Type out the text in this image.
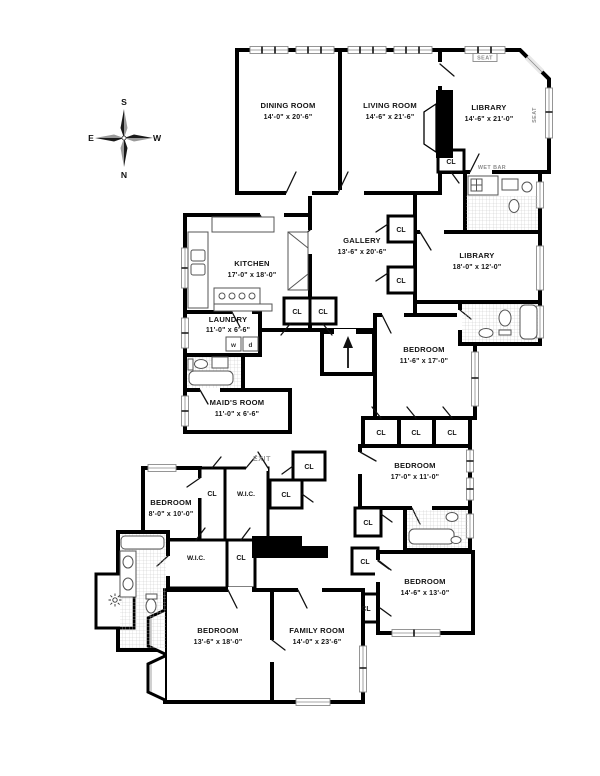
DINING ROOM
14'-0" x 20'-6"
LIVING ROOM
14'-6" x 21'-6"
LIBRARY
14'-6" x 21'-0"
LIBRARY
18'-0" x 12'-0"
GALLERY
13'-6" x 20'-6"
KITCHEN
17'-0" x 18'-0"
LAUNDRY
11'-0" x 6'-6"
MAID'S ROOM
11'-0" x 6'-6"
BEDROOM
11'-6" x 17'-0"
BEDROOM
17'-0" x 11'-0"
BEDROOM
14'-6" x 13'-0"
BEDROOM
8'-0" x 10'-0"
BEDROOM
13'-6" x 18'-0"
FAMILY ROOM
14'-0" x 23'-6"
CL
CL
CL CL
CL
CL	CL	CL
CL
CL
CL
CL
CL
CL
CL
W.I.C.
W.I.C.
EXIT
WET BAR
SEAT
SEAT
w d
S
N
E	W
